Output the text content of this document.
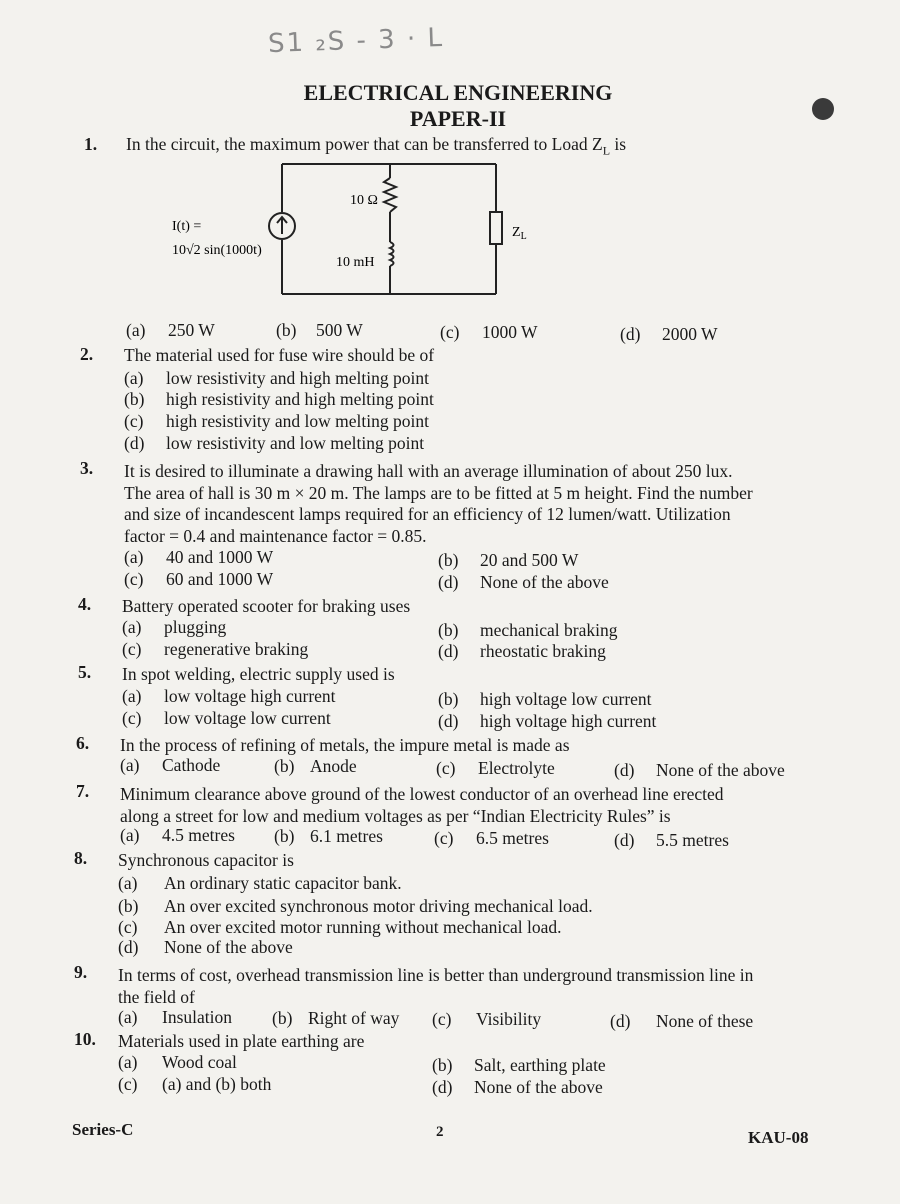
S1 ₂S - 3 · L
ELECTRICAL ENGINEERING
PAPER-II
1. In the circuit, the maximum power that can be transferred to Load $Z_L$ is
10 Ω
10 mH
I(t) =
10√2 sin(1000t)
$Z_L$
(a) 250 W	(b) 500 W	(c) 1000 W	(d) 2000 W
2. The material used for fuse wire should be of
(a) low resistivity and high melting point
(b) high resistivity and high melting point
(c) high resistivity and low melting point
(d) low resistivity and low melting point
3. It is desired to illuminate a drawing hall with an average illumination of about 250 lux.
The area of hall is 30 m × 20 m. The lamps are to be fitted at 5 m height. Find the number
and size of incandescent lamps required for an efficiency of 12 lumen/watt. Utilization
factor = 0.4 and maintenance factor = 0.85.
(a) 40 and 1000 W	(b) 20 and 500 W
(c) 60 and 1000 W	(d) None of the above
4. Battery operated scooter for braking uses
(a) plugging	(b) mechanical braking
(c) regenerative braking	(d) rheostatic braking
5. In spot welding, electric supply used is
(a) low voltage high current	(b) high voltage low current
(c) low voltage low current	(d) high voltage high current
6. In the process of refining of metals, the impure metal is made as
(a) Cathode	(b) Anode	(c) Electrolyte	(d) None of the above
7. Minimum clearance above ground of the lowest conductor of an overhead line erected
along a street for low and medium voltages as per “Indian Electricity Rules” is
(a) 4.5 metres (b) 6.1 metres	(c) 6.5 metres	(d) 5.5 metres
8. Synchronous capacitor is
(a) An ordinary static capacitor bank.
(b) An over excited synchronous motor driving mechanical load.
(c) An over excited motor running without mechanical load.
(d) None of the above
9. In terms of cost, overhead transmission line is better than underground transmission line in
the field of
(a) Insulation (b) Right of way (c) Visibility	(d) None of these
10. Materials used in plate earthing are
(a) Wood coal	(b) Salt, earthing plate
(c) (a) and (b) both	(d) None of the above
Series-C	2	KAU-08
